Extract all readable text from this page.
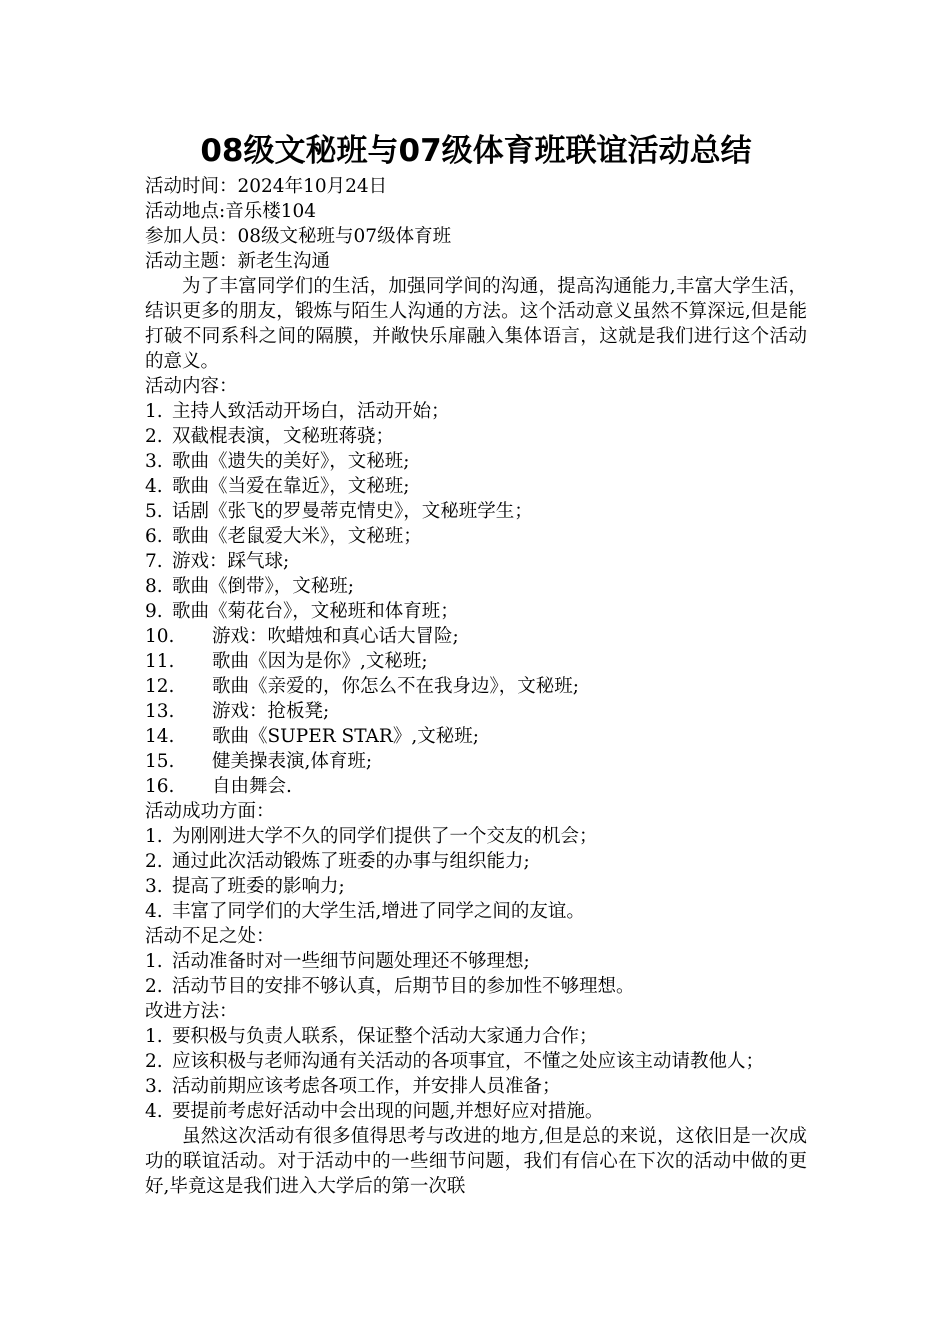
08级文秘班与07级体育班联谊活动总结

活动时间：2024年10月24日

活动地点:音乐楼104

参加人员：08级文秘班与07级体育班

活动主题：新老生沟通

为了丰富同学们的生活，加强同学间的沟通，提高沟通能力,丰富大学生活，结识更多的朋友，锻炼与陌生人沟通的方法。这个活动意义虽然不算深远,但是能打破不同系科之间的隔膜，并敞快乐扉融入集体语言，这就是我们进行这个活动的意义。

活动内容：

1. 主持人致活动开场白，活动开始；
2. 双截棍表演，文秘班蒋骁；
3. 歌曲《遗失的美好》，文秘班;
4. 歌曲《当爱在靠近》，文秘班;
5. 话剧《张飞的罗曼蒂克情史》，文秘班学生；
6. 歌曲《老鼠爱大米》，文秘班；
7. 游戏：踩气球;
8. 歌曲《倒带》，文秘班;
9. 歌曲《菊花台》，文秘班和体育班；
10.	游戏：吹蜡烛和真心话大冒险;
11.	歌曲《因为是你》,文秘班;
12.	歌曲《亲爱的，你怎么不在我身边》，文秘班;
13.	游戏：抢板凳;
14.	歌曲《SUPER STAR》,文秘班;
15.	健美操表演,体育班;
16.	自由舞会.

活动成功方面：

1. 为刚刚进大学不久的同学们提供了一个交友的机会；
2. 通过此次活动锻炼了班委的办事与组织能力;
3. 提高了班委的影响力;
4. 丰富了同学们的大学生活,增进了同学之间的友谊。

活动不足之处：

1. 活动准备时对一些细节问题处理还不够理想;
2. 活动节目的安排不够认真，后期节目的参加性不够理想。

改进方法：

1. 要积极与负责人联系，保证整个活动大家通力合作；
2. 应该积极与老师沟通有关活动的各项事宜，不懂之处应该主动请教他人；
3. 活动前期应该考虑各项工作，并安排人员准备；
4. 要提前考虑好活动中会出现的问题,并想好应对措施。

虽然这次活动有很多值得思考与改进的地方,但是总的来说，这依旧是一次成功的联谊活动。对于活动中的一些细节问题，我们有信心在下次的活动中做的更好,毕竟这是我们进入大学后的第一次联
